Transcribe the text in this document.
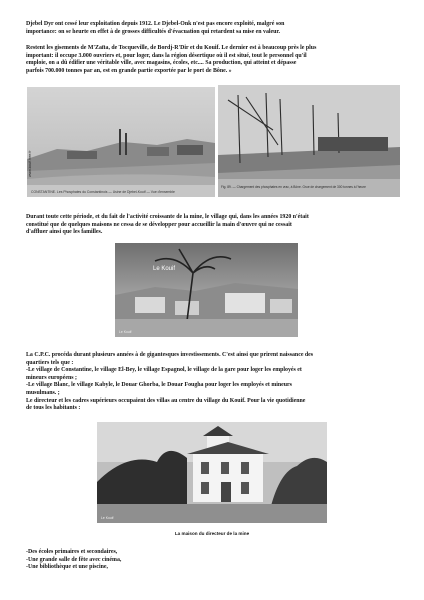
Djebel Dyr ont cessé leur exploitation depuis 1912. Le Djebel-Onk n'est pas encore exploité, malgré son
importance: on se heurte en effet à de grosses difficultés d'évacuation qui retardent sa mise en valeur.

Restent les gisements de M'Zaïta, de Tocqueville, de Bordj-R'Dir et du Kouif. Le dernier est à beaucoup près le plus
important: il occupe 3.000 ouvriers et, pour loger, dans la région désertique où il est situé, tout le personnel qu'il
emploie, on a dû édifier une véritable ville, avec magasins, écoles, etc.... Sa production, qui atteint et dépasse
parfois 700.000 tonnes par an, est en grande partie exportée par le port de Bône. »

CONSTANTINE. Les Phosphates du Constantinois — Usine de Djebel-Kouif — Vue d'ensemble
www.kouif.free.fr
Fig. 89. — Chargement des phosphates en vrac, à Bône. Grue de chargement de 300 tonnes à l'heure

Durant toute cette période, et du fait de l'activité croissante de la mine, le village qui, dans les années 1920 n'était
constitué que de quelques maisons ne cessa de se développer pour accueillir la main d'œuvre qui ne cessait
d'affluer ainsi que les familles.

Le Kouif
Le Kouif

La C.P.C. procéda durant plusieurs années à de gigantesques investissements. C'est ainsi que prirent naissance des
quartiers tels que :
-Le village de Constantine, le village El-Bey, le village Espagnol, le village de la gare pour loger les employés et
mineurs européens ;
-Le village Blanc, le village Kabyle, le Douar Ghorba, le Douar Fougha pour loger les employés et mineurs
musulmans. ;
Le directeur et les cadres supérieurs occupaient des villas au centre du village du Kouif. Pour la vie quotidienne
de tous les habitants :

Le Kouif
La maison du directeur de la mine

-Des écoles primaires et secondaires,
-Une grande salle de fête avec cinéma,
-Une bibliothèque et une piscine,
